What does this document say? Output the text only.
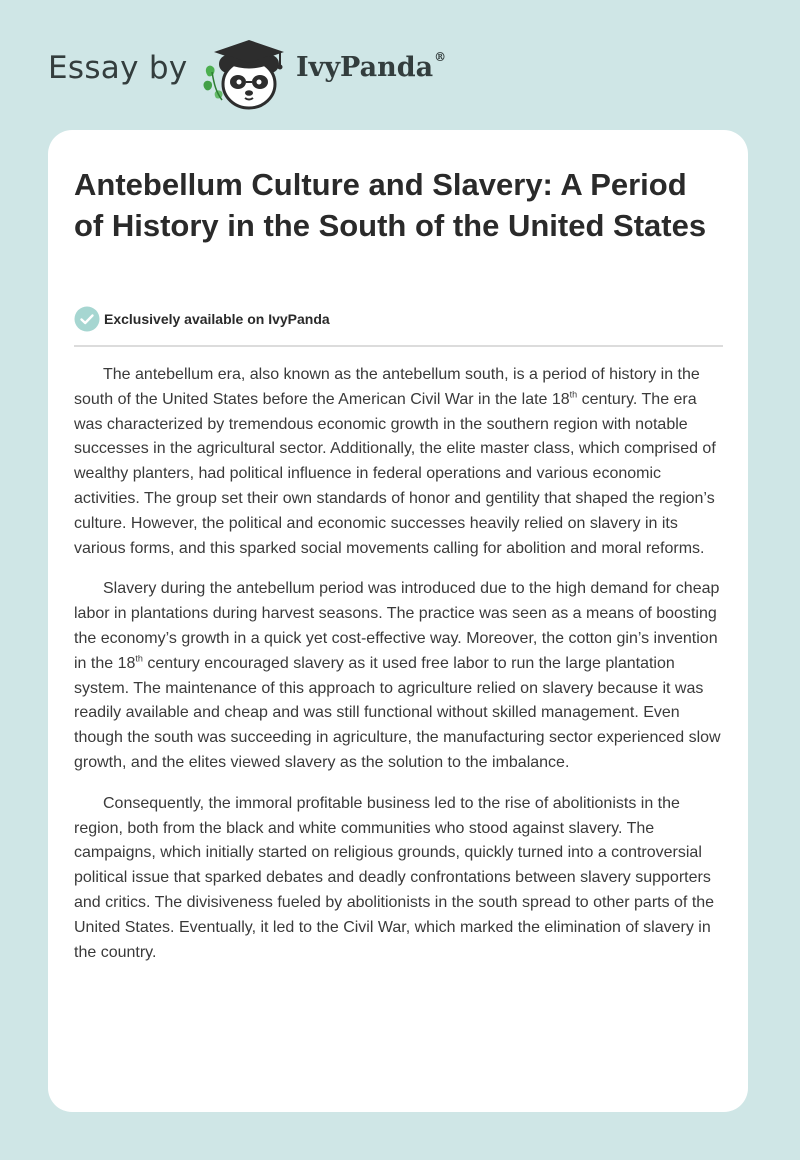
Essay by	IvyPanda®
Antebellum Culture and Slavery: A Period of History in the South of the United States
Exclusively available on IvyPanda

The antebellum era, also known as the antebellum south, is a period of history in the south of the United States before the American Civil War in the late 18th century. The era was characterized by tremendous economic growth in the southern region with notable successes in the agricultural sector. Additionally, the elite master class, which comprised of wealthy planters, had political influence in federal operations and various economic activities. The group set their own standards of honor and gentility that shaped the region’s culture. However, the political and economic successes heavily relied on slavery in its various forms, and this sparked social movements calling for abolition and moral reforms.

Slavery during the antebellum period was introduced due to the high demand for cheap labor in plantations during harvest seasons. The practice was seen as a means of boosting the economy’s growth in a quick yet cost-effective way. Moreover, the cotton gin’s invention in the 18th century encouraged slavery as it used free labor to run the large plantation system. The maintenance of this approach to agriculture relied on slavery because it was readily available and cheap and was still functional without skilled management. Even though the south was succeeding in agriculture, the manufacturing sector experienced slow growth, and the elites viewed slavery as the solution to the imbalance.

Consequently, the immoral profitable business led to the rise of abolitionists in the region, both from the black and white communities who stood against slavery. The campaigns, which initially started on religious grounds, quickly turned into a controversial political issue that sparked debates and deadly confrontations between slavery supporters and critics. The divisiveness fueled by abolitionists in the south spread to other parts of the United States. Eventually, it led to the Civil War, which marked the elimination of slavery in the country.
